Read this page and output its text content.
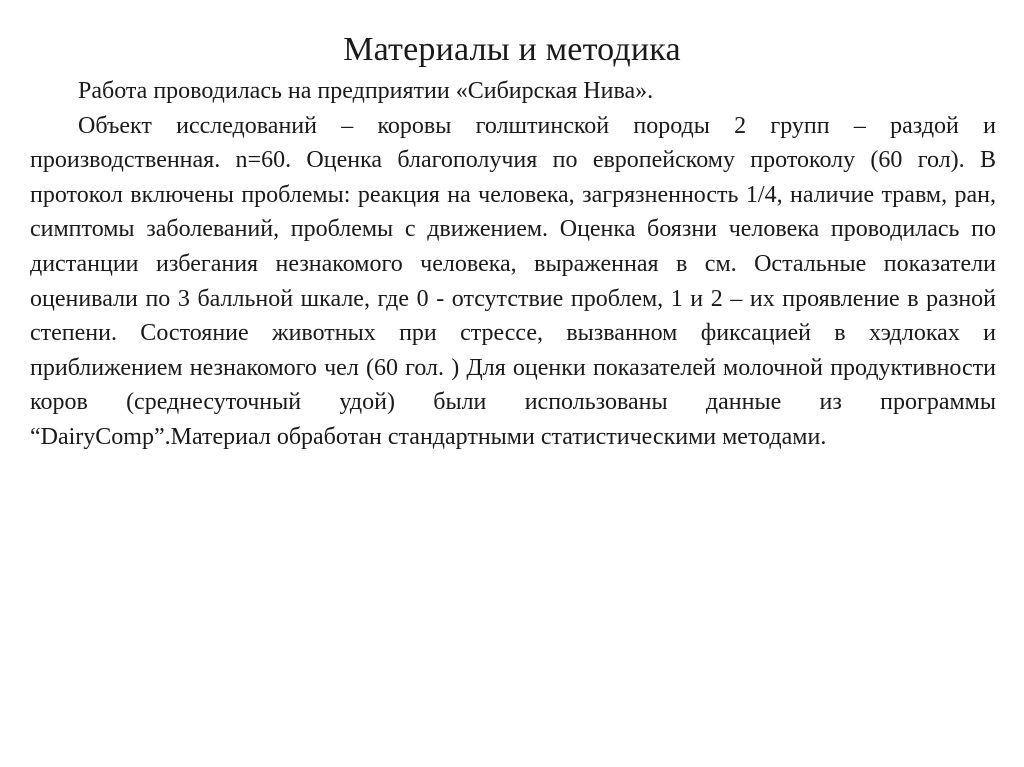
Материалы и методика

Работа проводилась на предприятии «Сибирская Нива».

Объект исследований – коровы голштинской породы 2 групп – раздой и производственная. n=60. Оценка благополучия по европейскому протоколу (60 гол). В протокол включены проблемы: реакция на человека, загрязненность 1/4, наличие травм, ран, симптомы заболеваний, проблемы с движением. Оценка боязни человека проводилась по дистанции избегания незнакомого человека, выраженная в см. Остальные показатели оценивали по 3 балльной шкале, где 0 - отсутствие проблем, 1 и 2 – их проявление в разной степени. Состояние животных при стрессе, вызванном фиксацией в хэдлоках и приближением незнакомого чел (60 гол. ) Для оценки показателей молочной продуктивности коров (среднесуточный удой) были использованы данные из программы “DairyComp”.Материал обработан стандартными статистическими методами.
